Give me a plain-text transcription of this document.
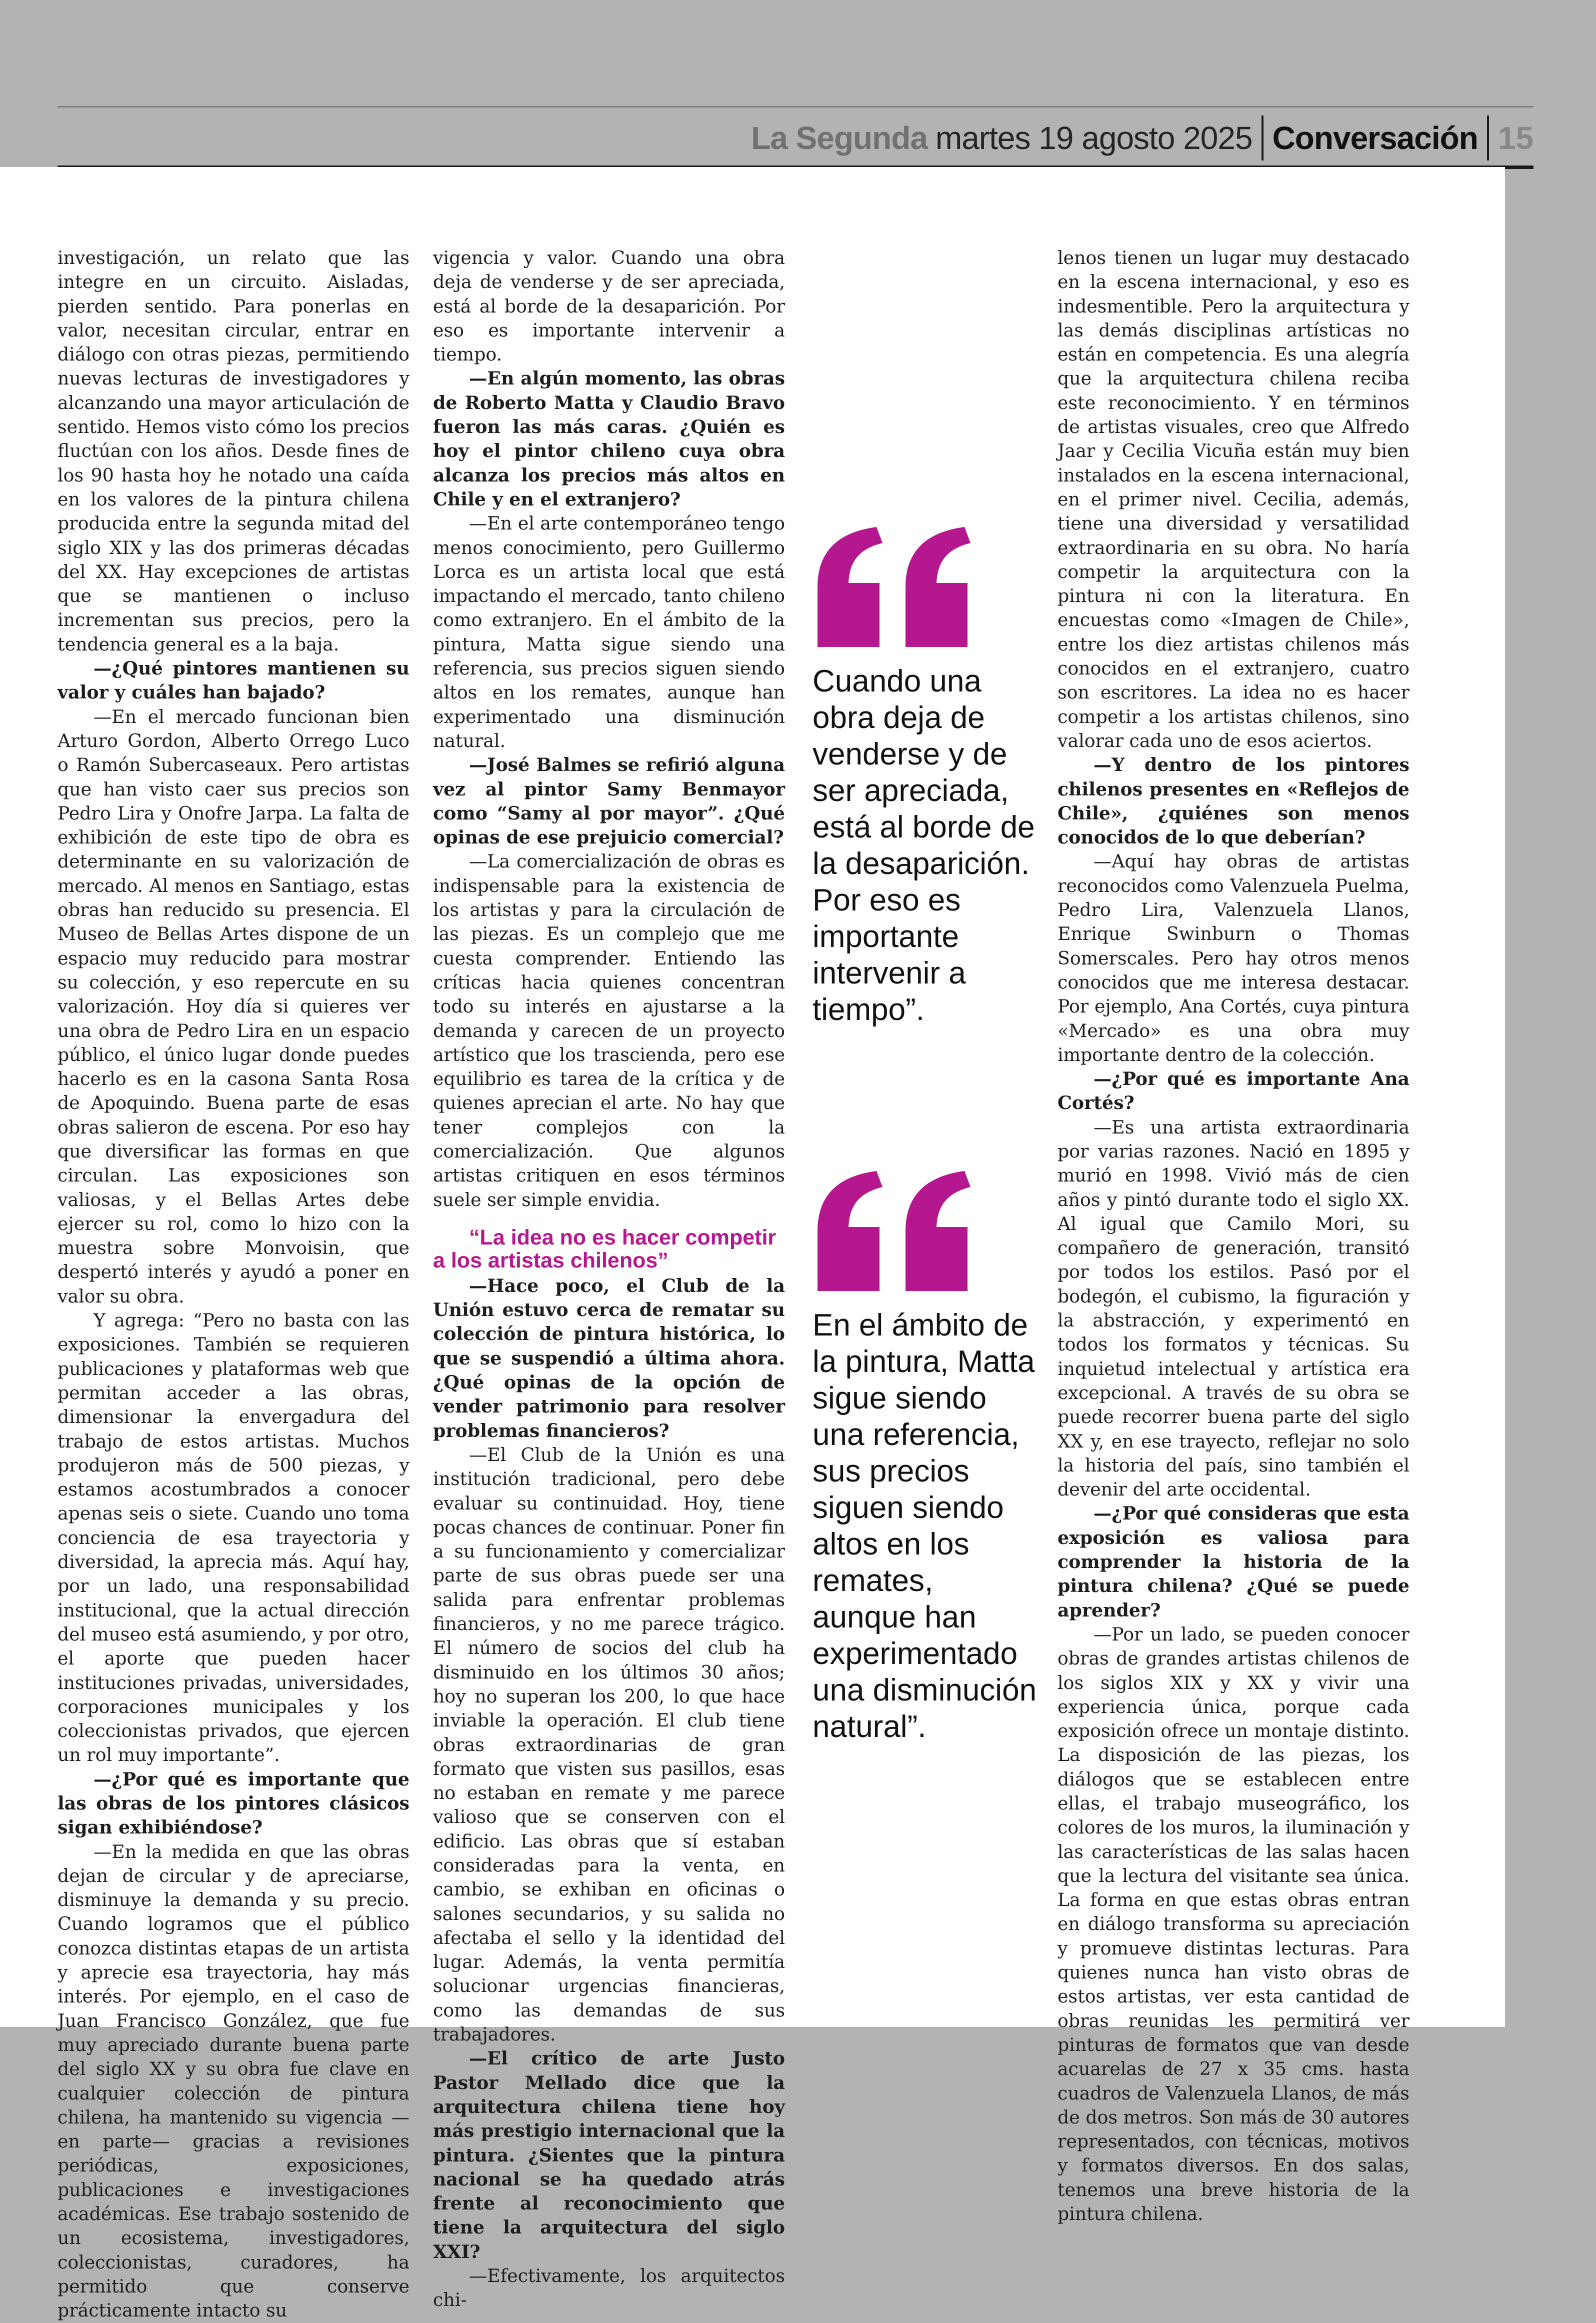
La Segunda martes 19 agosto 2025 Conversación 15

investigación, un relato que las integre en un circuito. Aisladas, pierden sentido. Para ponerlas en valor, necesitan circular, entrar en diálogo con otras piezas, permitiendo nuevas lecturas de investigadores y alcanzando una mayor articulación de sentido. Hemos visto cómo los precios fluctúan con los años. Desde fines de los 90 hasta hoy he notado una caída en los valores de la pintura chilena producida entre la segunda mitad del siglo XIX y las dos primeras décadas del XX. Hay excepciones de artistas que se mantienen o incluso incrementan sus precios, pero la tendencia general es a la baja.

—¿Qué pintores mantienen su valor y cuáles han bajado?

—En el mercado funcionan bien Arturo Gordon, Alberto Orrego Luco o Ramón Subercaseaux. Pero artistas que han visto caer sus precios son Pedro Lira y Onofre Jarpa. La falta de exhibición de este tipo de obra es determinante en su valorización de mercado. Al menos en Santiago, estas obras han reducido su presencia. El Museo de Bellas Artes dispone de un espacio muy reducido para mostrar su colección, y eso repercute en su valorización. Hoy día si quieres ver una obra de Pedro Lira en un espacio público, el único lugar donde puedes hacerlo es en la casona Santa Rosa de Apoquindo. Buena parte de esas obras salieron de escena. Por eso hay que diversificar las formas en que circulan. Las exposiciones son valiosas, y el Bellas Artes debe ejercer su rol, como lo hizo con la muestra sobre Monvoisin, que despertó interés y ayudó a poner en valor su obra.

Y agrega: “Pero no basta con las exposiciones. También se requieren publicaciones y plataformas web que permitan acceder a las obras, dimensionar la envergadura del trabajo de estos artistas. Muchos produjeron más de 500 piezas, y estamos acostumbrados a conocer apenas seis o siete. Cuando uno toma conciencia de esa trayectoria y diversidad, la aprecia más. Aquí hay, por un lado, una responsabilidad institucional, que la actual dirección del museo está asumiendo, y por otro, el aporte que pueden hacer instituciones privadas, universidades, corporaciones municipales y los coleccionistas privados, que ejercen un rol muy importante”.

—¿Por qué es importante que las obras de los pintores clásicos sigan exhibiéndose?

—En la medida en que las obras dejan de circular y de apreciarse, disminuye la demanda y su precio. Cuando logramos que el público conozca distintas etapas de un artista y aprecie esa trayectoria, hay más interés. Por ejemplo, en el caso de Juan Francisco González, que fue muy apreciado durante buena parte del siglo XX y su obra fue clave en cualquier colección de pintura chilena, ha mantenido su vigencia —en parte— gracias a revisiones periódicas, exposiciones, publicaciones e investigaciones académicas. Ese trabajo sostenido de un ecosistema, investigadores, coleccionistas, curadores, ha permitido que conserve prácticamente intacto su

vigencia y valor. Cuando una obra deja de venderse y de ser apreciada, está al borde de la desaparición. Por eso es importante intervenir a tiempo.

—En algún momento, las obras de Roberto Matta y Claudio Bravo fueron las más caras. ¿Quién es hoy el pintor chileno cuya obra alcanza los precios más altos en Chile y en el extranjero?

—En el arte contemporáneo tengo menos conocimiento, pero Guillermo Lorca es un artista local que está impactando el mercado, tanto chileno como extranjero. En el ámbito de la pintura, Matta sigue siendo una referencia, sus precios siguen siendo altos en los remates, aunque han experimentado una disminución natural.

—José Balmes se refirió alguna vez al pintor Samy Benmayor como “Samy al por mayor”. ¿Qué opinas de ese prejuicio comercial?

—La comercialización de obras es indispensable para la existencia de los artistas y para la circulación de las piezas. Es un complejo que me cuesta comprender. Entiendo las críticas hacia quienes concentran todo su interés en ajustarse a la demanda y carecen de un proyecto artístico que los trascienda, pero ese equilibrio es tarea de la crítica y de quienes aprecian el arte. No hay que tener complejos con la comercialización. Que algunos artistas critiquen en esos términos suele ser simple envidia.

“La idea no es hacer competir a los artistas chilenos”

—Hace poco, el Club de la Unión estuvo cerca de rematar su colección de pintura histórica, lo que se suspendió a última ahora. ¿Qué opinas de la opción de vender patrimonio para resolver problemas financieros?

—El Club de la Unión es una institución tradicional, pero debe evaluar su continuidad. Hoy, tiene pocas chances de continuar. Poner fin a su funcionamiento y comercializar parte de sus obras puede ser una salida para enfrentar problemas financieros, y no me parece trágico. El número de socios del club ha disminuido en los últimos 30 años; hoy no superan los 200, lo que hace inviable la operación. El club tiene obras extraordinarias de gran formato que visten sus pasillos, esas no estaban en remate y me parece valioso que se conserven con el edificio. Las obras que sí estaban consideradas para la venta, en cambio, se exhiban en oficinas o salones secundarios, y su salida no afectaba el sello y la identidad del lugar. Además, la venta permitía solucionar urgencias financieras, como las demandas de sus trabajadores.

—El crítico de arte Justo Pastor Mellado dice que la arquitectura chilena tiene hoy más prestigio internacional que la pintura. ¿Sientes que la pintura nacional se ha quedado atrás frente al reconocimiento que tiene la arquitectura del siglo XXI?

—Efectivamente, los arquitectos chi-

Cuando una obra deja de venderse y de ser apreciada, está al borde de la desaparición. Por eso es importante intervenir a tiempo”.
En el ámbito de la pintura, Matta sigue siendo una referencia, sus precios siguen siendo altos en los remates, aunque han experimentado una disminución natural”.

lenos tienen un lugar muy destacado en la escena internacional, y eso es indesmentible. Pero la arquitectura y las demás disciplinas artísticas no están en competencia. Es una alegría que la arquitectura chilena reciba este reconocimiento. Y en términos de artistas visuales, creo que Alfredo Jaar y Cecilia Vicuña están muy bien instalados en la escena internacional, en el primer nivel. Cecilia, además, tiene una diversidad y versatilidad extraordinaria en su obra. No haría competir la arquitectura con la pintura ni con la literatura. En encuestas como «Imagen de Chile», entre los diez artistas chilenos más conocidos en el extranjero, cuatro son escritores. La idea no es hacer competir a los artistas chilenos, sino valorar cada uno de esos aciertos.

—Y dentro de los pintores chilenos presentes en «Reflejos de Chile», ¿quiénes son menos conocidos de lo que deberían?

—Aquí hay obras de artistas reconocidos como Valenzuela Puelma, Pedro Lira, Valenzuela Llanos, Enrique Swinburn o Thomas Somerscales. Pero hay otros menos conocidos que me interesa destacar. Por ejemplo, Ana Cortés, cuya pintura «Mercado» es una obra muy importante dentro de la colección.

—¿Por qué es importante Ana Cortés?

—Es una artista extraordinaria por varias razones. Nació en 1895 y murió en 1998. Vivió más de cien años y pintó durante todo el siglo XX. Al igual que Camilo Mori, su compañero de generación, transitó por todos los estilos. Pasó por el bodegón, el cubismo, la figuración y la abstracción, y experimentó en todos los formatos y técnicas. Su inquietud intelectual y artística era excepcional. A través de su obra se puede recorrer buena parte del siglo XX y, en ese trayecto, reflejar no solo la historia del país, sino también el devenir del arte occidental.

—¿Por qué consideras que esta exposición es valiosa para comprender la historia de la pintura chilena? ¿Qué se puede aprender?

—Por un lado, se pueden conocer obras de grandes artistas chilenos de los siglos XIX y XX y vivir una experiencia única, porque cada exposición ofrece un montaje distinto. La disposición de las piezas, los diálogos que se establecen entre ellas, el trabajo museográfico, los colores de los muros, la iluminación y las características de las salas hacen que la lectura del visitante sea única. La forma en que estas obras entran en diálogo transforma su apreciación y promueve distintas lecturas. Para quienes nunca han visto obras de estos artistas, ver esta cantidad de obras reunidas les permitirá ver pinturas de formatos que van desde acuarelas de 27 x 35 cms. hasta cuadros de Valenzuela Llanos, de más de dos metros. Son más de 30 autores representados, con técnicas, motivos y formatos diversos. En dos salas, tenemos una breve historia de la pintura chilena.
